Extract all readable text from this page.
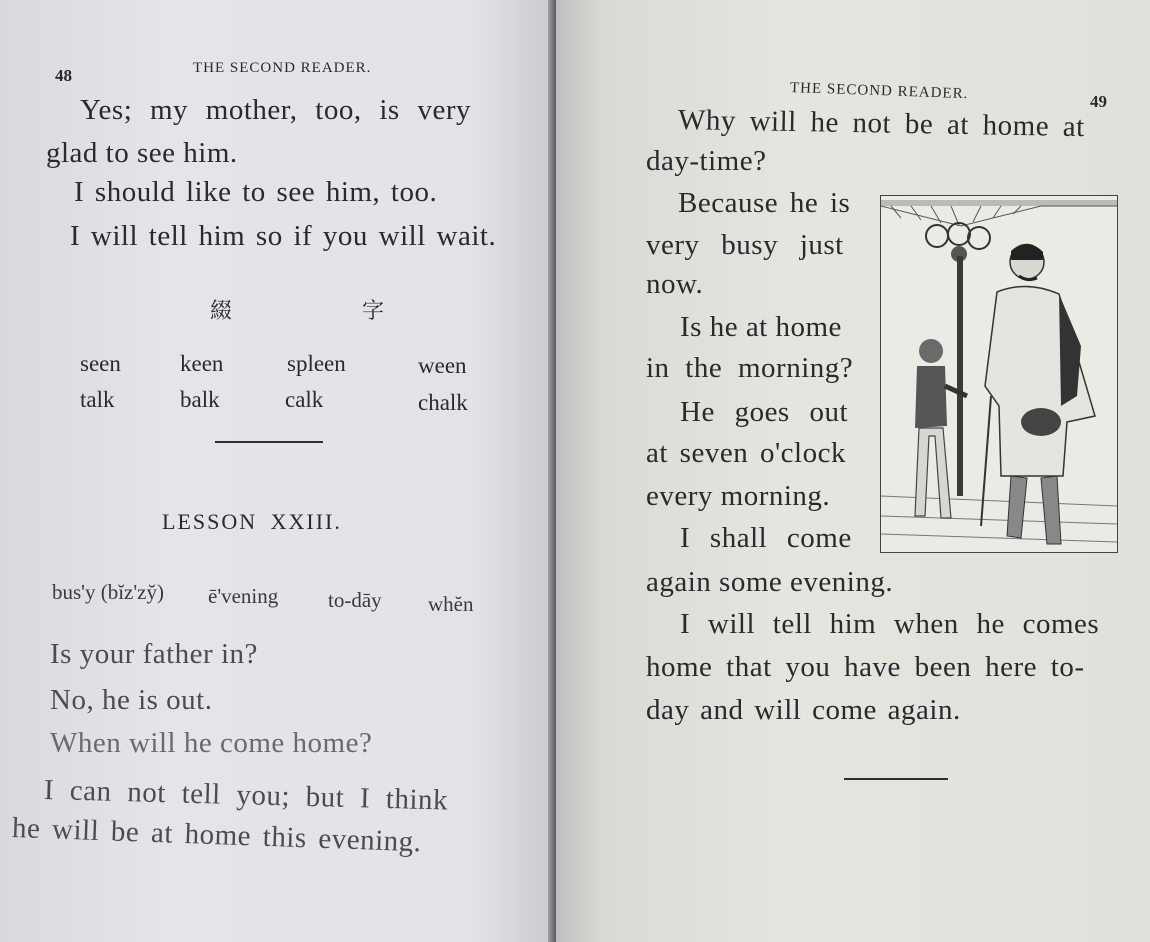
48	THE SECOND READER.
Yes; my mother, too, is very
glad to see him.
I should like to see him, too.
I will tell him so if you will wait.
綴　字
seen	keen	spleen	ween
talk	balk	calk	chalk
LESSON XXIII.
bus'y (bĭz'zy̆) ē'vening to-dāy whĕn
Is your father in?
No, he is out.
When will he come home?
I can not tell you; but I think
he will be at home this evening.
THE SECOND READER.	49
Why will he not be at home at
day-time?
Because he is
very busy just
now.
Is he at home
in the morning?
He goes out
at seven o'clock
every morning.
I shall come
again some evening.
I will tell him when he comes
home that you have been here to-
day and will come again.
